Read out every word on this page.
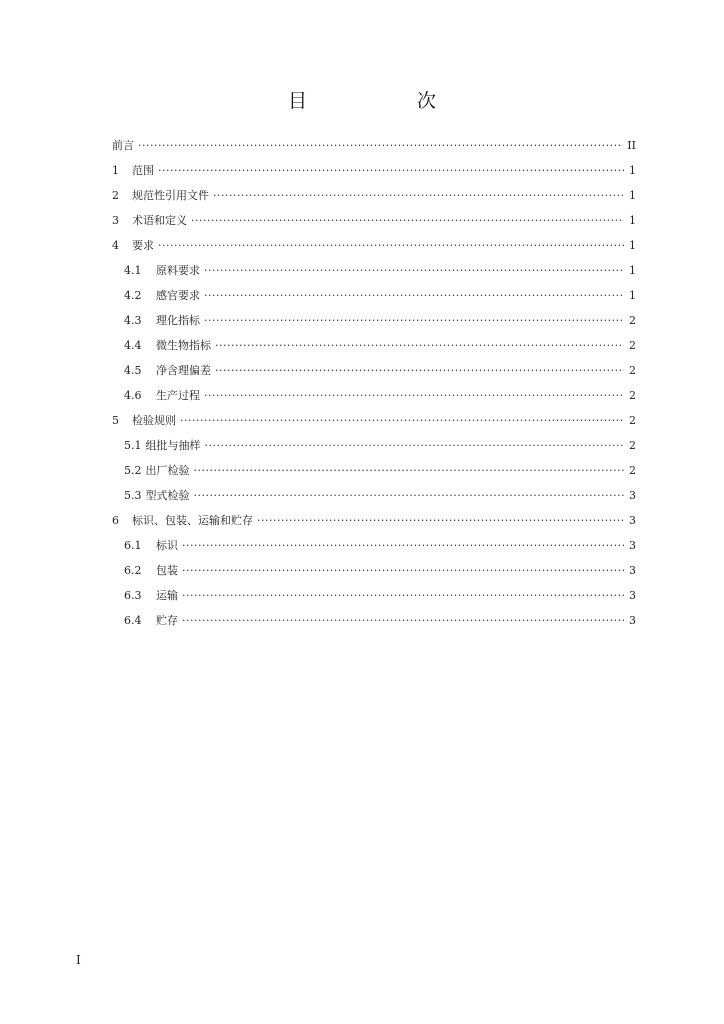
目 次
前言 ·····	II
1	范围 ·····	1
2	规范性引用文件 ·····	1
3	术语和定义 ·····	1
4	要求 ·····	1
4.1	原料要求 ·····	1
4.2	感官要求 ·····	1
4.3	理化指标 ·····	2
4.4	微生物指标 ·····	2
4.5	净含理偏差 ·····	2
4.6	生产过程 ·····	2
5	检验规则 ·····	2
5.1 组批与抽样 ·····	2
5.2 出厂检验 ·····	2
5.3 型式检验 ·····	3
6	标识、包装、运输和贮存 ·····	3
6.1	标识 ·····	3
6.2	包装 ·····	3
6.3	运输 ·····	3
6.4	贮存 ·····	3
I
